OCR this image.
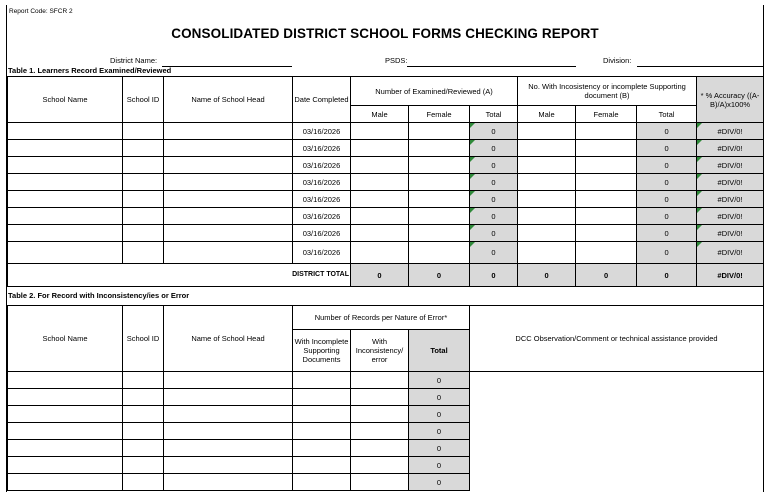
Report Code: SFCR 2
CONSOLIDATED DISTRICT SCHOOL FORMS CHECKING REPORT
District Name:	PSDS:	Division:
Table 1. Learners Record Examined/Reviewed
School Name	School ID	Name of School Head	Date Completed	Number of Examined/Reviewed (A)			No. With Incosistency or incomplete Supporting document (B)			* % Accuracy ((A-B)/A)x100%
				Male	Female	Total	Male	Female	Total	
			03/16/2026			0			0	#DIV/0!
			03/16/2026			0			0	#DIV/0!
			03/16/2026			0			0	#DIV/0!
			03/16/2026			0			0	#DIV/0!
			03/16/2026			0			0	#DIV/0!
			03/16/2026			0			0	#DIV/0!
			03/16/2026			0			0	#DIV/0!
			03/16/2026			0			0	#DIV/0!
DISTRICT TOTAL				0	0	0	0	0	0	#DIV/0!
Table 2. For Record with Inconsistency/ies or Error
School Name	School ID	Name of School Head	Number of Records per Nature of Error*			DCC Observation/Comment or technical assistance provided
			With Incomplete Supporting Documents	With Inconsistency/ error	Total	
					0	
					0	
					0	
					0	
					0	
					0	
					0	
